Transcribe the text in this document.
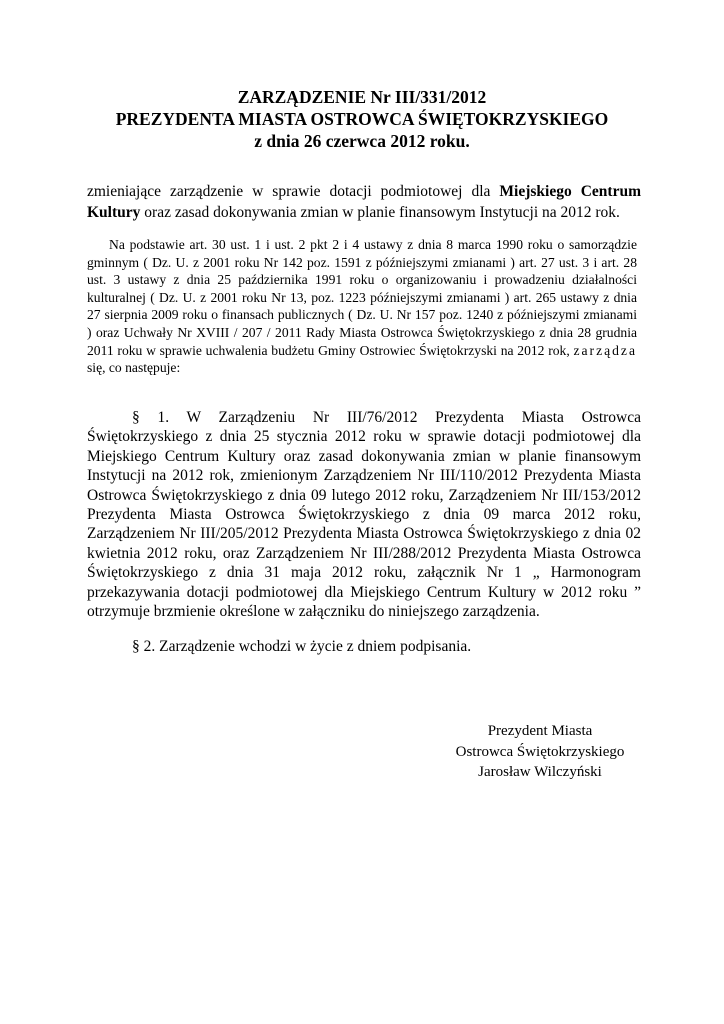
ZARZĄDZENIE Nr III/331/2012
PREZYDENTA MIASTA OSTROWCA ŚWIĘTOKRZYSKIEGO
z dnia 26 czerwca 2012 roku.
zmieniające zarządzenie w sprawie dotacji podmiotowej dla Miejskiego Centrum Kultury oraz zasad dokonywania zmian w planie finansowym Instytucji na 2012 rok.

Na podstawie art. 30 ust. 1 i ust. 2 pkt 2 i 4 ustawy z dnia 8 marca 1990 roku o samorządzie gminnym ( Dz. U. z 2001 roku Nr 142 poz. 1591 z późniejszymi zmianami ) art. 27 ust. 3 i art. 28 ust. 3 ustawy z dnia 25 października 1991 roku o organizowaniu i prowadzeniu działalności kulturalnej ( Dz. U. z 2001 roku Nr 13, poz. 1223 późniejszymi zmianami ) art. 265 ustawy z dnia 27 sierpnia 2009 roku o finansach publicznych ( Dz. U. Nr 157 poz. 1240 z późniejszymi zmianami ) oraz Uchwały Nr XVIII / 207 / 2011 Rady Miasta Ostrowca Świętokrzyskiego z dnia 28 grudnia 2011 roku w sprawie uchwalenia budżetu Gminy Ostrowiec Świętokrzyski na 2012 rok, zarządza się, co następuje:

§ 1. W Zarządzeniu Nr III/76/2012 Prezydenta Miasta Ostrowca Świętokrzyskiego z dnia 25 stycznia 2012 roku w sprawie dotacji podmiotowej dla Miejskiego Centrum Kultury oraz zasad dokonywania zmian w planie finansowym Instytucji na 2012 rok, zmienionym Zarządzeniem Nr III/110/2012 Prezydenta Miasta Ostrowca Świętokrzyskiego z dnia 09 lutego 2012 roku, Zarządzeniem Nr III/153/2012 Prezydenta Miasta Ostrowca Świętokrzyskiego z dnia 09 marca 2012 roku, Zarządzeniem Nr III/205/2012 Prezydenta Miasta Ostrowca Świętokrzyskiego z dnia 02 kwietnia 2012 roku, oraz Zarządzeniem Nr III/288/2012 Prezydenta Miasta Ostrowca Świętokrzyskiego z dnia 31 maja 2012 roku, załącznik Nr 1 „ Harmonogram przekazywania dotacji podmiotowej dla Miejskiego Centrum Kultury w 2012 roku ” otrzymuje brzmienie określone w załączniku do niniejszego zarządzenia.

§ 2. Zarządzenie wchodzi w życie z dniem podpisania.

Prezydent Miasta
Ostrowca Świętokrzyskiego
Jarosław Wilczyński
